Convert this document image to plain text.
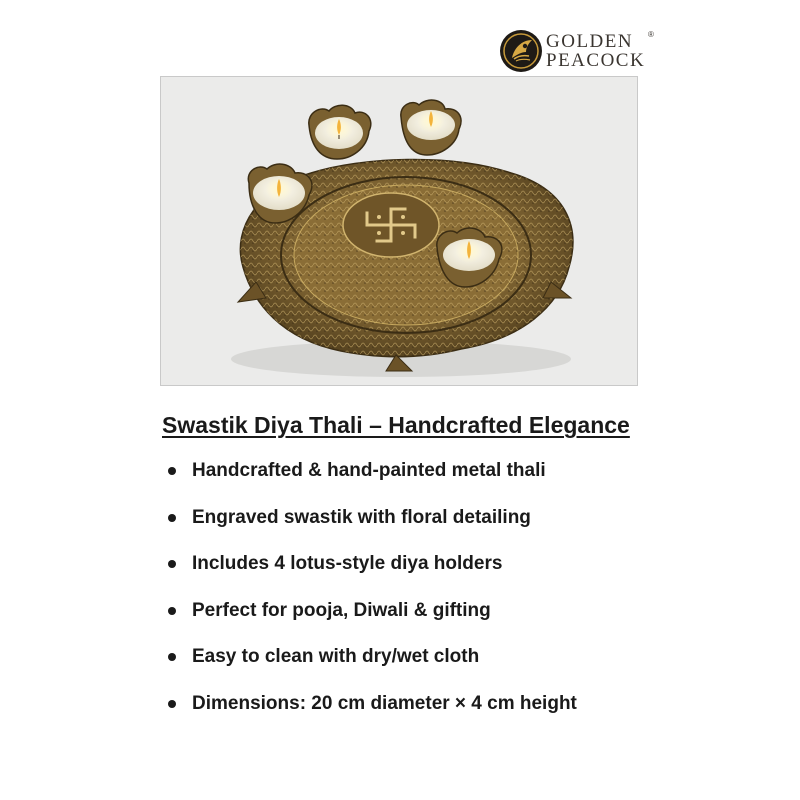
GOLDEN
PEACOCK
®
Swastik Diya Thali – Handcrafted Elegance
Handcrafted & hand-painted metal thali
Engraved swastik with floral detailing
Includes 4 lotus-style diya holders
Perfect for pooja, Diwali & gifting
Easy to clean with dry/wet cloth
Dimensions: 20 cm diameter × 4 cm height
